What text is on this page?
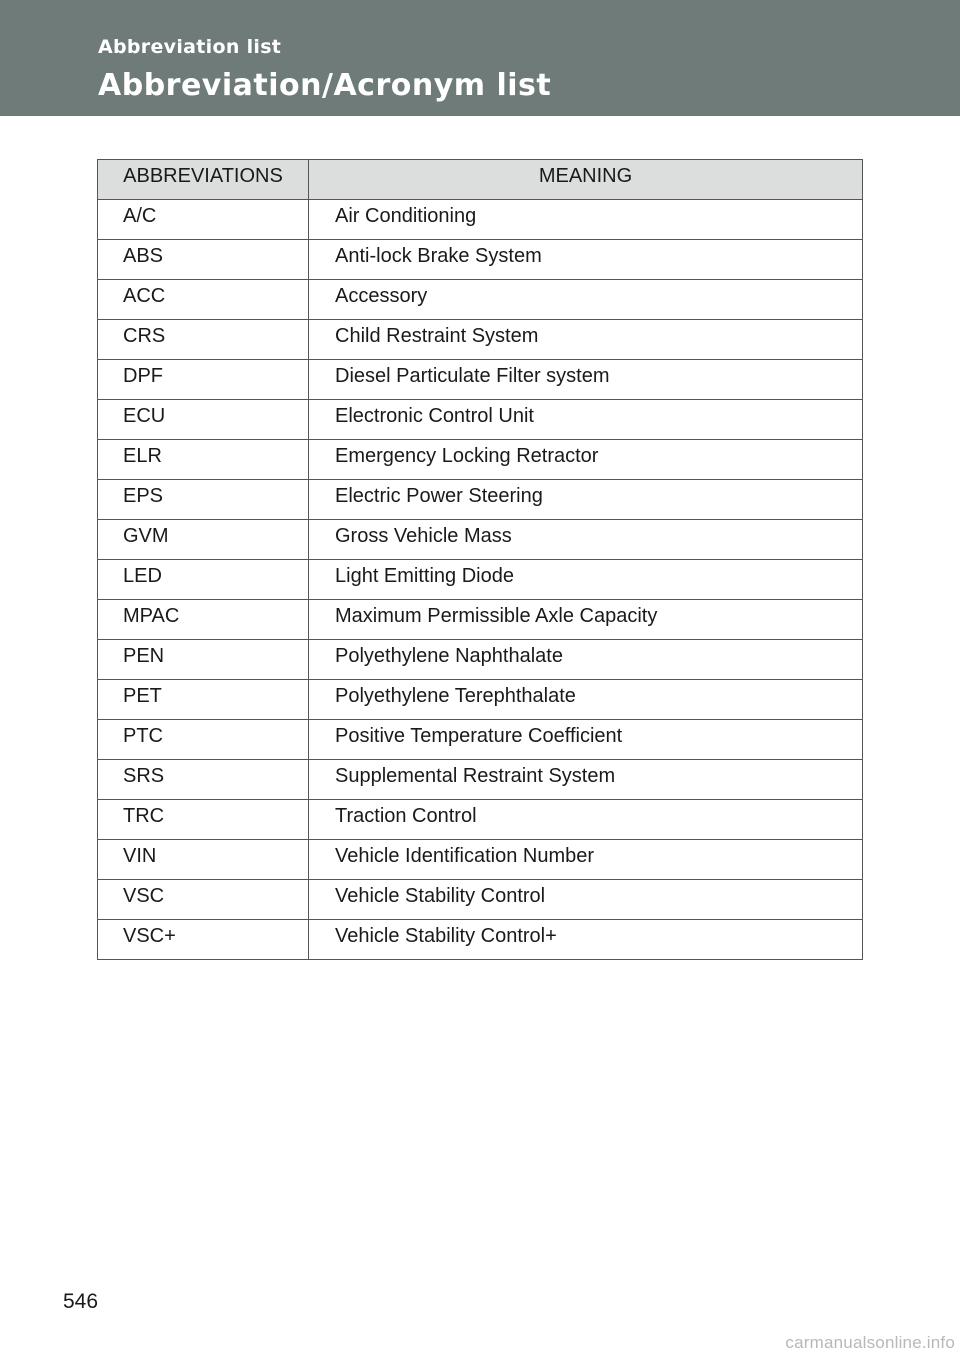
Abbreviation list
Abbreviation/Acronym list
ABBREVIATIONS	MEANING
A/C	Air Conditioning
ABS	Anti-lock Brake System
ACC	Accessory
CRS	Child Restraint System
DPF	Diesel Particulate Filter system
ECU	Electronic Control Unit
ELR	Emergency Locking Retractor
EPS	Electric Power Steering
GVM	Gross Vehicle Mass
LED	Light Emitting Diode
MPAC	Maximum Permissible Axle Capacity
PEN	Polyethylene Naphthalate
PET	Polyethylene Terephthalate
PTC	Positive Temperature Coefficient
SRS	Supplemental Restraint System
TRC	Traction Control
VIN	Vehicle Identification Number
VSC	Vehicle Stability Control
VSC+	Vehicle Stability Control+
546
carmanualsonline.info
